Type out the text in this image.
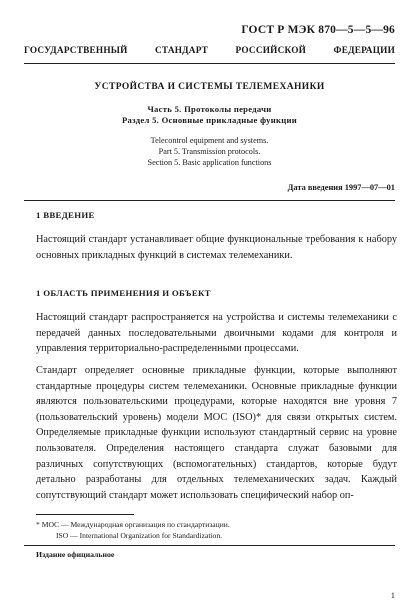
ГОСТ Р МЭК 870—5—5—96
ГОСУДАРСТВЕННЫЙ	СТАНДАРТ	РОССИЙСКОЙ	ФЕДЕРАЦИИ
УСТРОЙСТВА И СИСТЕМЫ ТЕЛЕМЕХАНИКИ
Часть 5. Протоколы передачи
Раздел 5. Основные прикладные функции
Telecontrol equipment and systems.
Part 5. Transmission protocols.
Section 5. Basic application functions
Дата введения 1997—07—01
1 ВВЕДЕНИЕ
Настоящий стандарт устанавливает общие функциональные требования к набору основных прикладных функций в системах телемеханики.
1 ОБЛАСТЬ ПРИМЕНЕНИЯ И ОБЪЕКТ
Настоящий стандарт распространяется на устройства и системы телемеханики с передачей данных последовательными двоичными кодами для контроля и управления территориально-распределенными процессами.
Стандарт определяет основные прикладные функции, которые выполняют стандартные процедуры систем телемеханики. Основные прикладные функции являются пользовательскими процедурами, которые находятся вне уровня 7 (пользовательский уровень) модели МОС (ISO)* для связи открытых систем. Определяемые прикладные функции используют стандартный сервис на уровне пользователя. Определения настоящего стандарта служат базовыми для различных сопутствующих (вспомогательных) стандартов, которые будут детально разработаны для отдельных телемеханических задач. Каждый сопутствующий стандарт может использовать специфический набор оп-
* МОС — Международная организация по стандартизации.
ISO — International Organization for Standardization.
Издание официальное
1
